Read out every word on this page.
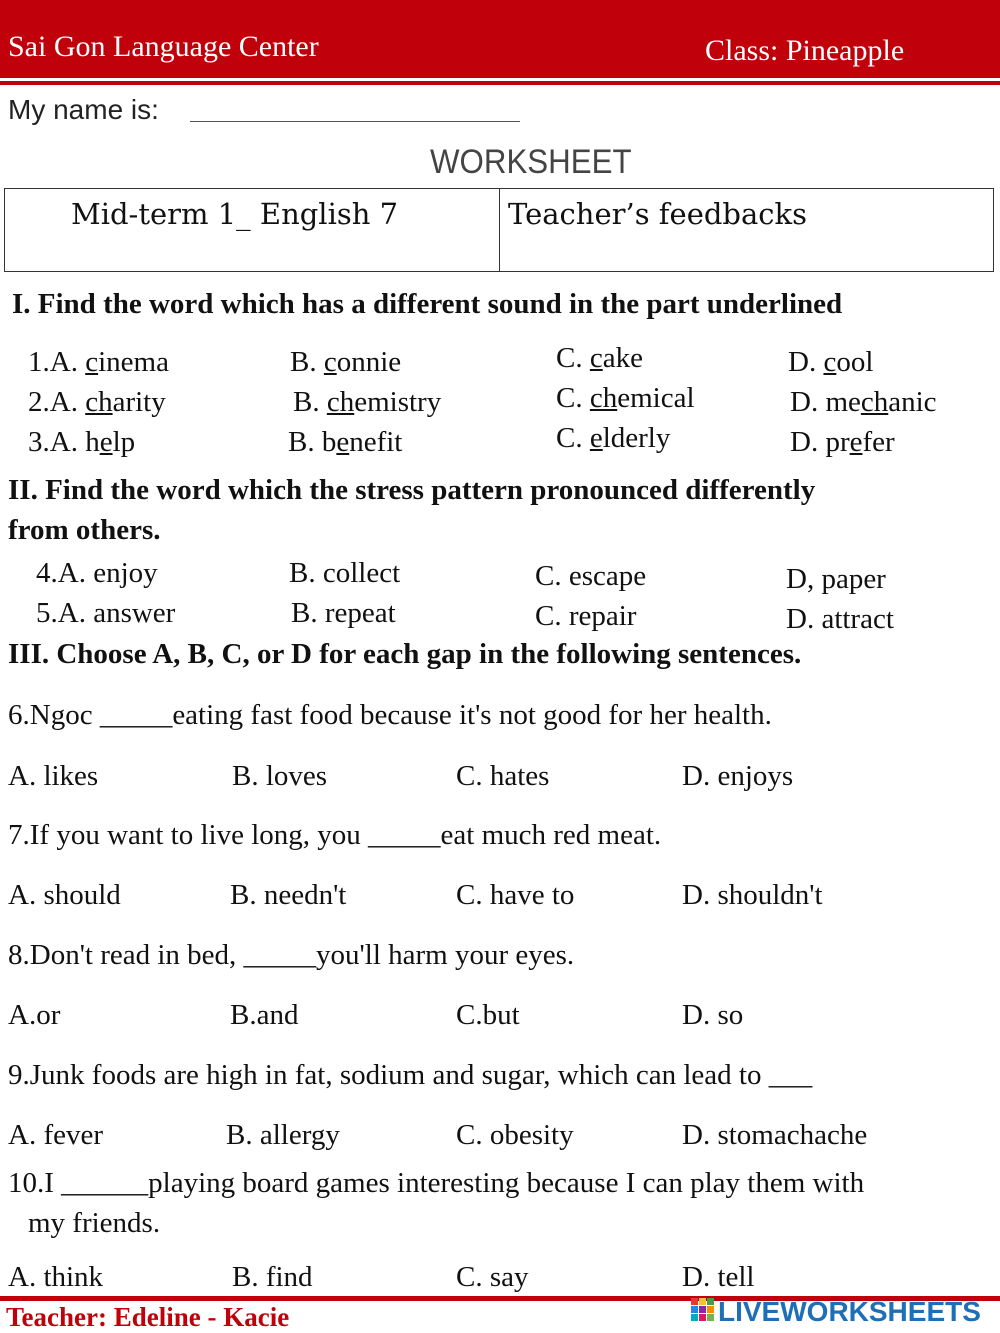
Sai Gon Language Center	Class: Pineapple
My name is:
WORKSHEET
Mid-term 1_ English 7	Teacher’s feedbacks
I. Find the word which has a different sound in the part underlined
1.A. cinema	B. connie	C. cake	D. cool
2.A. charity	B. chemistry	C. chemical	D. mechanic
3.A. help	B. benefit	C. elderly	D. prefer
II. Find the word which the stress pattern pronounced differently
from others.
4.A. enjoy	B. collect	C. escape	D, paper
5.A. answer	B. repeat	C. repair	D. attract
III. Choose A, B, C, or D for each gap in the following sentences.
6.Ngoc _____eating fast food because it's not good for her health.
A. likes	B. loves	C. hates	D. enjoys
7.If you want to live long, you _____eat much red meat.
A. should	B. needn't	C. have to	D. shouldn't
8.Don't read in bed, _____you'll harm your eyes.
A.or	B.and	C.but	D. so
9.Junk foods are high in fat, sodium and sugar, which can lead to ___
A. fever	B. allergy	C. obesity	D. stomachache
10.I ______playing board games interesting because I can play them with
my friends.
A. think	B. find	C. say	D. tell
Teacher: Edeline - Kacie	LIVEWORKSHEETS
